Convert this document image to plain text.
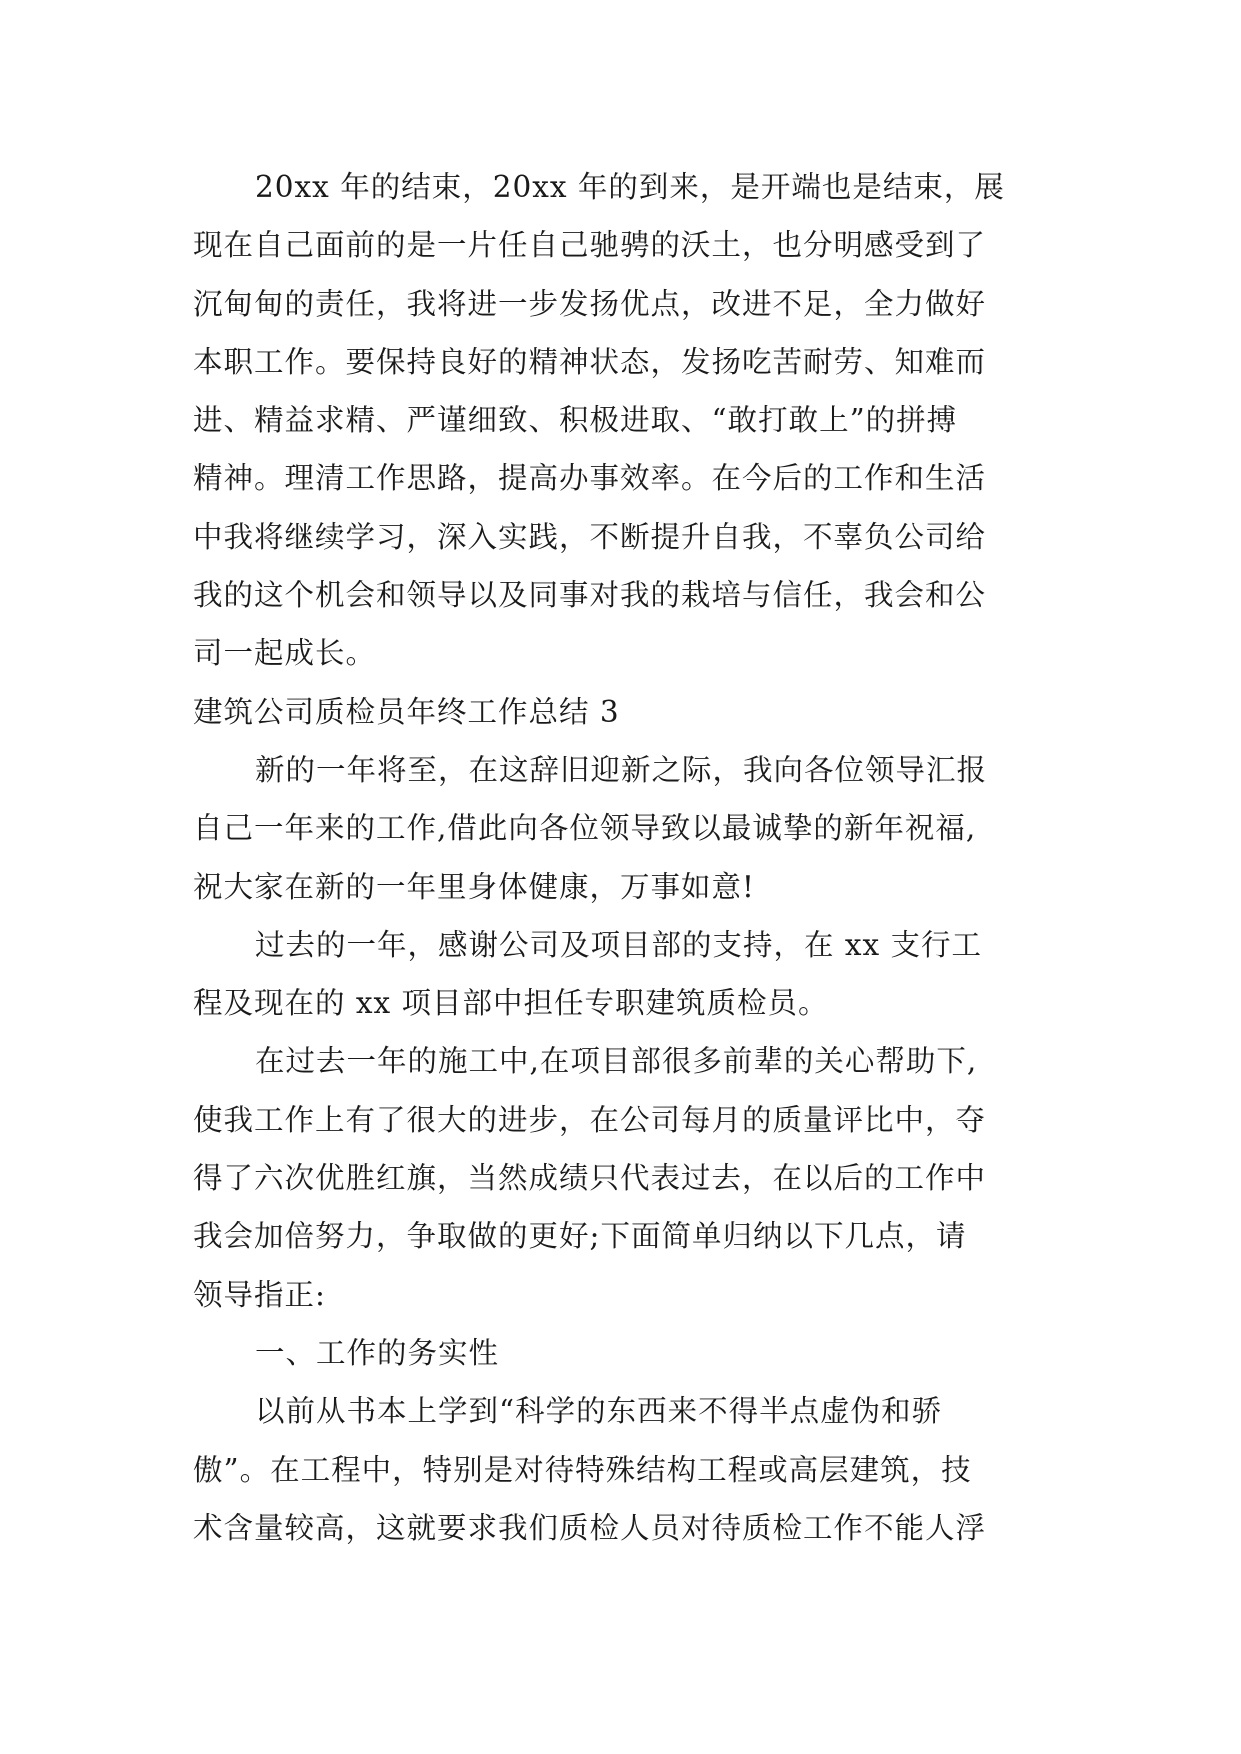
20xx 年的结束，20xx 年的到来，是开端也是结束，展

现在自己面前的是一片任自己驰骋的沃土，也分明感受到了

沉甸甸的责任，我将进一步发扬优点，改进不足，全力做好

本职工作。要保持良好的精神状态，发扬吃苦耐劳、知难而

进、精益求精、严谨细致、积极进取、“敢打敢上”的拼搏

精神。理清工作思路，提高办事效率。在今后的工作和生活

中我将继续学习，深入实践，不断提升自我，不辜负公司给

我的这个机会和领导以及同事对我的栽培与信任，我会和公

司一起成长。

建筑公司质检员年终工作总结 3

新的一年将至，在这辞旧迎新之际，我向各位领导汇报

自己一年来的工作,借此向各位领导致以最诚挚的新年祝福,

祝大家在新的一年里身体健康，万事如意!

过去的一年，感谢公司及项目部的支持，在 xx 支行工

程及现在的 xx 项目部中担任专职建筑质检员。

在过去一年的施工中,在项目部很多前辈的关心帮助下,

使我工作上有了很大的进步，在公司每月的质量评比中，夺

得了六次优胜红旗，当然成绩只代表过去，在以后的工作中

我会加倍努力，争取做的更好;下面简单归纳以下几点，请

领导指正:

一、工作的务实性

以前从书本上学到“科学的东西来不得半点虚伪和骄

傲”。在工程中，特别是对待特殊结构工程或高层建筑，技

术含量较高，这就要求我们质检人员对待质检工作不能人浮
